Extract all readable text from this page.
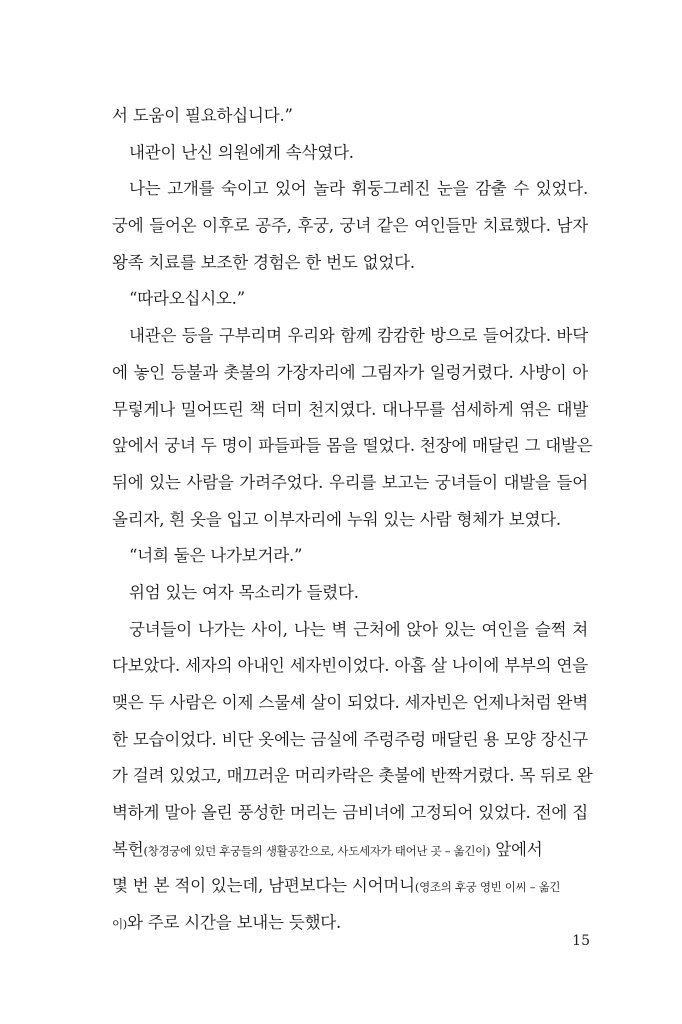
서 도움이 필요하십니다.”
내관이 난신 의원에게 속삭였다.
나는 고개를 숙이고 있어 놀라 휘둥그레진 눈을 감출 수 있었다.
궁에 들어온 이후로 공주, 후궁, 궁녀 같은 여인들만 치료했다. 남자
왕족 치료를 보조한 경험은 한 번도 없었다.
“따라오십시오.”
내관은 등을 구부리며 우리와 함께 캄캄한 방으로 들어갔다. 바닥
에 놓인 등불과 촛불의 가장자리에 그림자가 일렁거렸다. 사방이 아
무렇게나 밀어뜨린 책 더미 천지였다. 대나무를 섬세하게 엮은 대발
앞에서 궁녀 두 명이 파들파들 몸을 떨었다. 천장에 매달린 그 대발은
뒤에 있는 사람을 가려주었다. 우리를 보고는 궁녀들이 대발을 들어
올리자, 흰 옷을 입고 이부자리에 누워 있는 사람 형체가 보였다.
“너희 둘은 나가보거라.”
위엄 있는 여자 목소리가 들렸다.
궁녀들이 나가는 사이, 나는 벽 근처에 앉아 있는 여인을 슬쩍 쳐
다보았다. 세자의 아내인 세자빈이었다. 아홉 살 나이에 부부의 연을
맺은 두 사람은 이제 스물셰 살이 되었다. 세자빈은 언제나처럼 완벽
한 모습이었다. 비단 옷에는 금실에 주렁주렁 매달린 용 모양 장신구
가 걸려 있었고, 매끄러운 머리카락은 촛불에 반짝거렸다. 목 뒤로 완
벽하게 말아 올린 풍성한 머리는 금비녀에 고정되어 있었다. 전에 집
복헌(창경궁에 있던 후궁들의 생활공간으로, 사도세자가 태어난 곳 – 옮긴이) 앞에서
몇 번 본 적이 있는데, 남편보다는 시어머니(영조의 후궁 영빈 이씨 – 옮긴
이)와 주로 시간을 보내는 듯했다.
15
